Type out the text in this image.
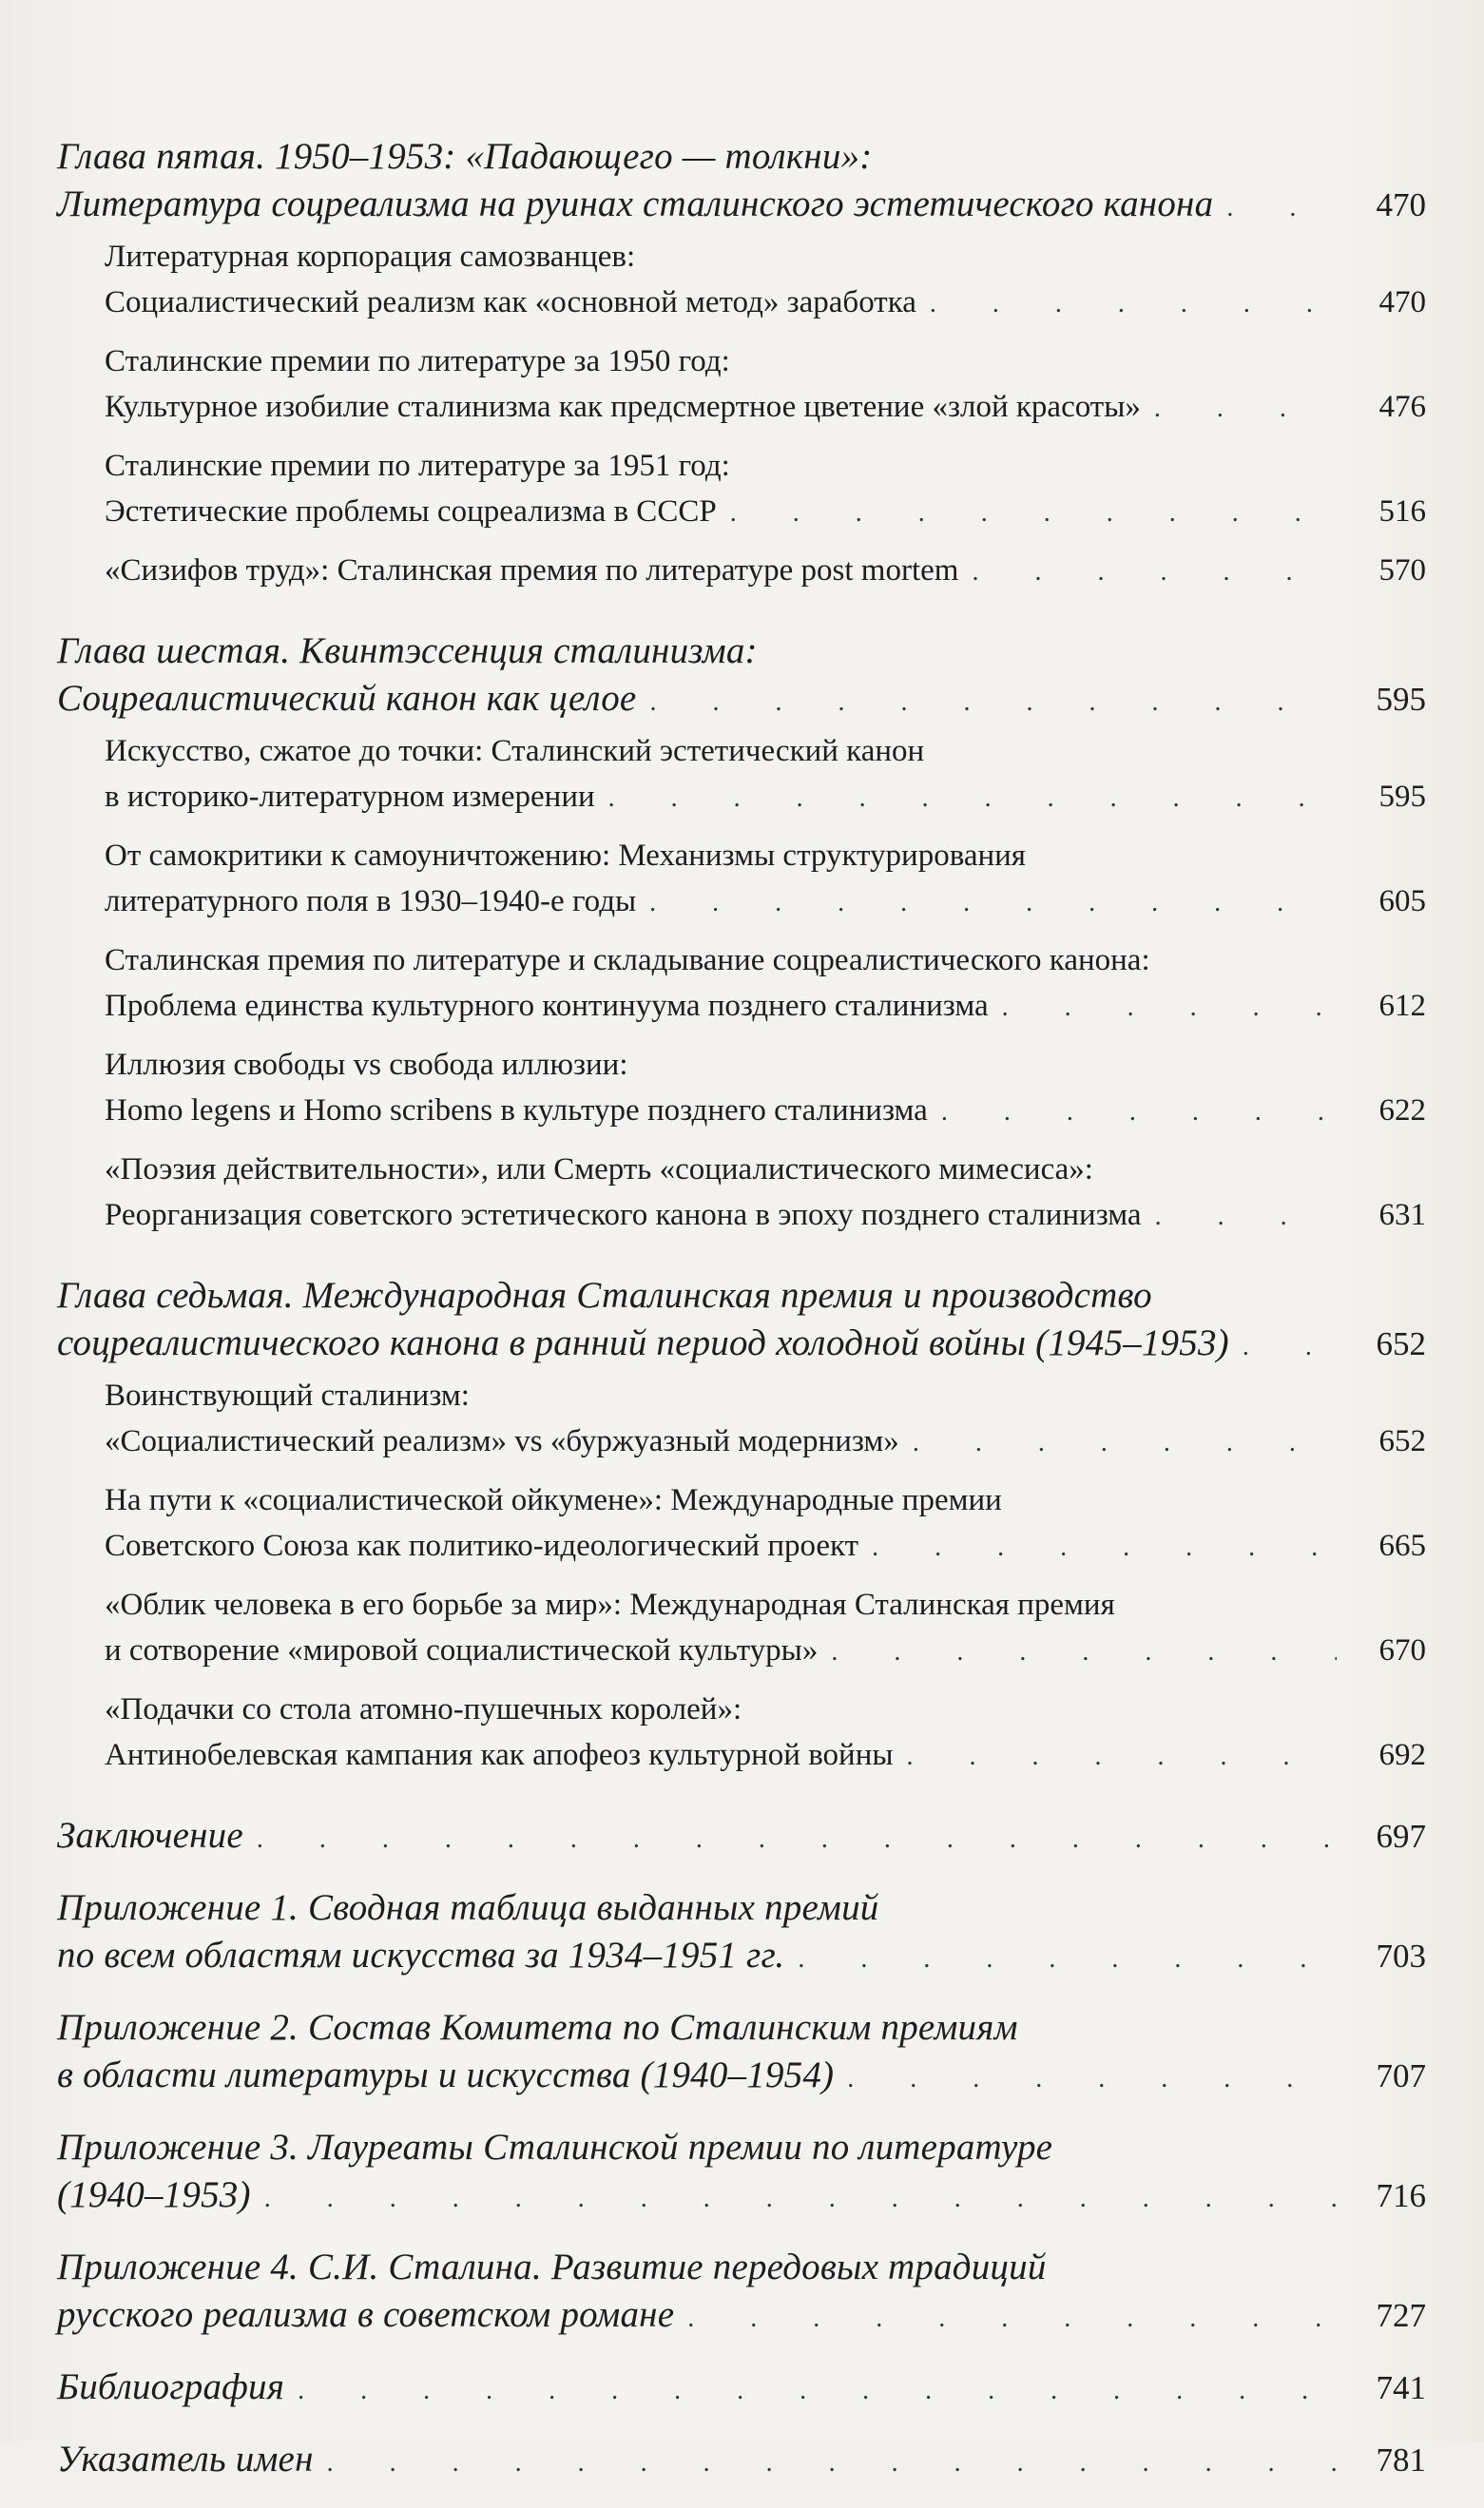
Глава пятая. 1950–1953: «Падающего — толкни»:
Литература соцреализма на руинах сталинского эстетического канона . . .	470
Литературная корпорация самозванцев:
Социалистический реализм как «основной метод» заработка . . .	470
Сталинские премии по литературе за 1950 год:
Культурное изобилие сталинизма как предсмертное цветение «злой красоты» . . .	476
Сталинские премии по литературе за 1951 год:
Эстетические проблемы соцреализма в СССР . . .	516
«Сизифов труд»: Сталинская премия по литературе post mortem . . .	570
Глава шестая. Квинтэссенция сталинизма:
Соцреалистический канон как целое . . .	595
Искусство, сжатое до точки: Сталинский эстетический канон
в историко-литературном измерении . . .	595
От самокритики к самоуничтожению: Механизмы структурирования
литературного поля в 1930–1940-е годы . . .	605
Сталинская премия по литературе и складывание соцреалистического канона:
Проблема единства культурного континуума позднего сталинизма . . .	612
Иллюзия свободы vs свобода иллюзии:
Homo legens и Homo scribens в культуре позднего сталинизма . . .	622
«Поэзия действительности», или Смерть «социалистического мимесиса»:
Реорганизация советского эстетического канона в эпоху позднего сталинизма . . .	631
Глава седьмая. Международная Сталинская премия и производство
соцреалистического канона в ранний период холодной войны (1945–1953) . . .	652
Воинствующий сталинизм:
«Социалистический реализм» vs «буржуазный модернизм» . . .	652
На пути к «социалистической ойкумене»: Международные премии
Советского Союза как политико-идеологический проект . . .	665
«Облик человека в его борьбе за мир»: Международная Сталинская премия
и сотворение «мировой социалистической культуры» . . .	670
«Подачки со стола атомно-пушечных королей»:
Антинобелевская кампания как апофеоз культурной войны . . .	692
Заключение . . .	697
Приложение 1. Сводная таблица выданных премий
по всем областям искусства за 1934–1951 гг. . . .	703
Приложение 2. Состав Комитета по Сталинским премиям
в области литературы и искусства (1940–1954) . . .	707
Приложение 3. Лауреаты Сталинской премии по литературе
(1940–1953) . . .	716
Приложение 4. С.И. Сталина. Развитие передовых традиций
русского реализма в советском романе . . .	727
Библиография . . .	741
Указатель имен . . .	781
